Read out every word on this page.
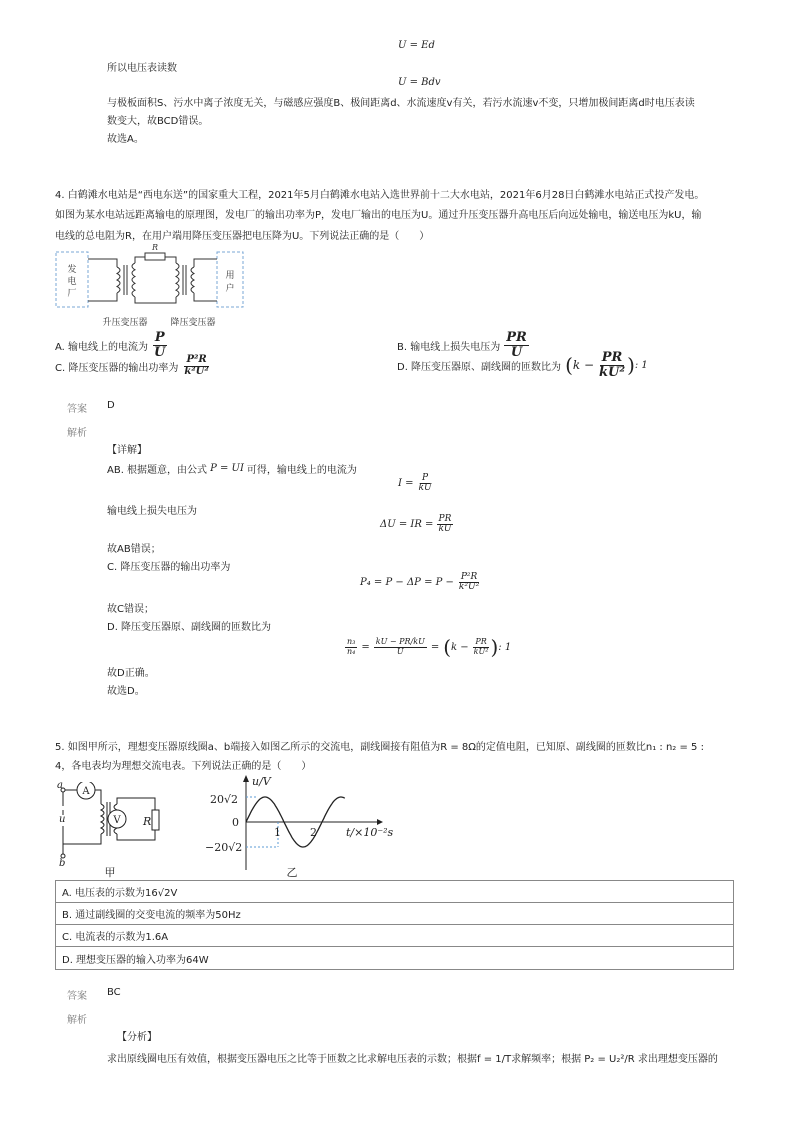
U = Ed
所以电压表读数
U = Bdv
与极板面积S、污水中离子浓度无关，与磁感应强度B、极间距离d、水流速度v有关，若污水流速v不变，只增加极间距离d时电压表读
数变大，故BCD错误。
故选A。
4. 白鹤滩水电站是“西电东送”的国家重大工程，2021年5月白鹤滩水电站入选世界前十二大水电站，2021年6月28日白鹤滩水电站正式投产发电。
如图为某水电站远距离输电的原理图，发电厂的输出功率为P，发电厂输出的电压为U。通过升压变压器升高电压后向远处输电，输送电压为kU，输
电线的总电阻为R，在用户端用降压变压器把电压降为U。下列说法正确的是（　　）
发
电
厂
用
户
R
升压变压器	降压变压器
A. 输电线上的电流为 $\frac{P}{U}$	B. 输电线上损失电压为 $\frac{PR}{U}$
C. 降压变压器的输出功率为 $\frac{\text{P²R}}{\text{k²U²}}$	D. 降压变压器原、副线圈的匝数比为 ( $k - \frac{PR}{\text{kU²}}$ ) : 1
答案 D
解析
【详解】
AB. 根据题意，由公式 P = UI 可得，输电线上的电流为
$I = \frac{P}{kU}$
输电线上损失电压为
ΔU = IR = $\frac{PR}{kU}$
故AB错误；
C. 降压变压器的输出功率为
$P_4 = P - \Delta P = P - \frac{\text{P²R}}{\text{k²U²}}$
故C错误；
D. 降压变压器原、副线圈的匝数比为
$\frac{\text{n₃}}{\text{n₄}} = \frac{kU - PR/kU}{U}$ = ( $k - \frac{PR}{\text{kU²}}$ ) : 1
故D正确。
故选D。
5. 如图甲所示，理想变压器原线圈a、b端接入如图乙所示的交流电，副线圈接有阻值为R = 8Ω的定值电阻，已知原、副线圈的匝数比n₁ : n₂ = 5 :
4，各电表均为理想交流电表。下列说法正确的是（　　）
a
A
b
u	V R
甲
u/V
20√2
−20√2
0
1	2	t/×10⁻²s
乙
A. 电压表的示数为16√2V
B. 通过副线圈的交变电流的频率为50Hz
C. 电流表的示数为1.6A
D. 理想变压器的输入功率为64W
答案 BC
解析
【分析】
求出原线圈电压有效值，根据变压器电压之比等于匝数之比求解电压表的示数；根据f = 1/T求解频率；根据 P₂ = U₂²/R 求出理想变压器的
